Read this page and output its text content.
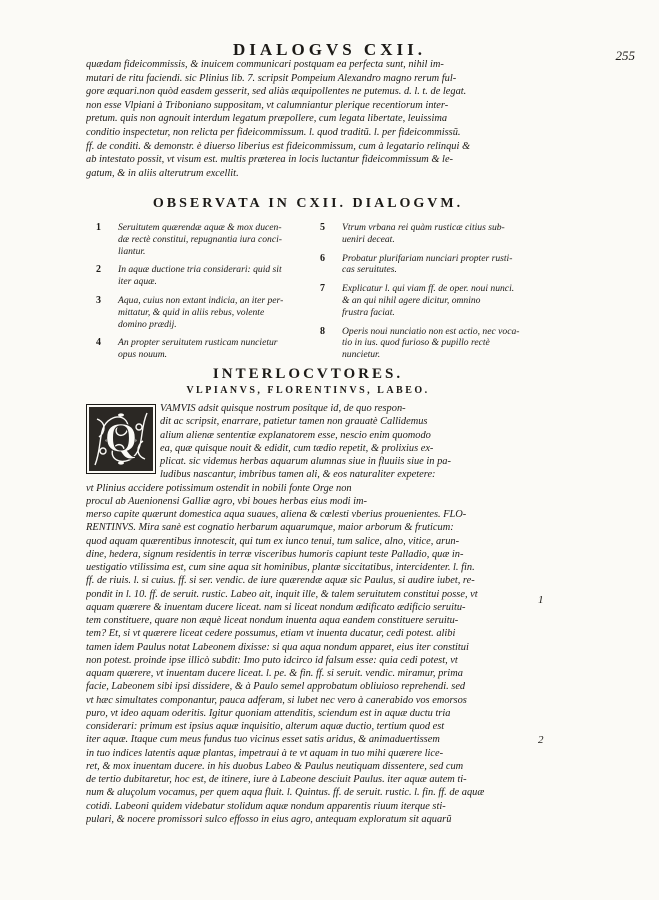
DIALOGVS CXII.	255
quædam fideicommissis, & inuicem communicari postquam ea perfecta sunt, nihil im-
mutari de ritu faciendi. sic Plinius lib. 7. scripsit Pompeium Alexandro magno rerum ful-
gore æquari.non quòd easdem gesserit, sed aliàs æquipollentes ne putemus. d. l. t. de legat.
non esse Vlpiani à Triboniano suppositam, vt calumniantur plerique recentiorum inter-
pretum. quis non agnouit interdum legatum præpollere, cum legata libertate, leuissima
conditio inspectetur, non relicta per fideicommissum. l. quod traditũ. l. per fideicommissũ.
ff. de conditi. & demonstr. è diuerso liberius est fideicommissum, cum à legatario relinqui &
ab intestato possit, vt visum est. multis præterea in locis luctantur fideicommissum & le-
gatum, & in aliis alterutrum excellit.
OBSERVATA IN CXII. DIALOGVM.
1 Seruitutem quærendæ aquæ & mox ducen-
dæ rectè constitui, repugnantia iura conci-
liantur.
2 In aquæ ductione tria considerari: quid sit
iter aquæ.
3 Aqua, cuius non extant indicia, an iter per-
mittatur, & quid in aliis rebus, volente
domino prædij.
4 An propter seruitutem rusticam nuncietur
opus nouum.
5 Vtrum vrbana rei quàm rusticæ citius sub-
ueniri deceat.
6 Probatur plurifariam nunciari propter rusti-
cas seruitutes.
7 Explicatur l. qui viam ff. de oper. noui nunci.
& an qui nihil agere dicitur, omnino
frustra faciat.
8 Operis noui nunciatio non est actio, nec voca-
tio in ius. quod furioso & pupillo rectè
nuncietur.
INTERLOCVTORES.
VLPIANVS, FLORENTINVS, LABEO.
VAMVIS adsit quisque nostrum posítque id, de quo respon-
dit ac scripsit, enarrare, patietur tamen non grauatè Callidemus
alium alienæ sententiæ explanatorem esse, nescio enim quomodo
ea, quæ quisque nouit & edidit, cum tædio repetit, & prolixius ex-
plicat. sic videmus herbas aquarum alumnas siue in fluuiis siue in pa-
ludibus nascantur, imbribus tamen ali, & eos naturaliter expetere:
vt Plinius accidere potissimum ostendit in nobili fonte Orge non
procul ab Auenionensi Galliæ agro, vbi boues herbas eius modi im-
merso capite quærunt domestica aqua suaues, aliena & cœlesti vberius prouenientes. FLO-
RENTINVS. Mira sanè est cognatio herbarum aquarumque, maior arborum & fruticum:
quod aquam quærentibus innotescit, qui tum ex iunco tenui, tum salice, alno, vitice, arun-
dine, hedera, signum residentis in terræ visceribus humoris capiunt teste Palladio, quæ in-
uestigatio vtilissima est, cum sine aqua sit hominibus, plantæ siccitatibus, intercidenter. l. fin.
ff. de riuis. l. si cuius. ff. si ser. vendic. de iure quærendæ aquæ sic Paulus, si audire iubet, re-
pondit in l. 10. ff. de seruit. rustic. Labeo ait, inquit ille, & talem seruitutem constitui posse, vt
aquam quærere & inuentam ducere liceat. nam si liceat nondum ædificato ædificio seruitu-
tem constituere, quare non æquè liceat nondum inuenta aqua eandem constituere seruitu-
tem? Et, si vt quærere liceat cedere possumus, etiam vt inuenta ducatur, cedi potest. alibi
tamen idem Paulus notat Labeonem dixisse: si qua aqua nondum apparet, eius iter constitui
non potest. proinde ipse illicò subdit: Imo puto idcirco id falsum esse: quia cedi potest, vt
aquam quærere, vt inuentam ducere liceat. l. pe. & fin. ff. si seruit. vendic. miramur, prima
facie, Labeonem sibi ipsi dissidere, & à Paulo semel approbatum obliuioso reprehendi. sed
vt hæc simultates componantur, pauca adferam, si lubet nec vero à canerabido vos emorsos
puro, vt ideo aquam oderitis. Igitur quoniam attenditis, sciendum est in aquæ ductu tria
considerari: primum est ipsius aquæ inquisitio, alterum aquæ ductio, tertium quod est
iter aquæ. Itaque cum meus fundus tuo vicinus esset satis aridus, & animaduertissem
in tuo indices latentis aquæ plantas, impetraui à te vt aquam in tuo mihi quærere lice-
ret, & mox inuentam ducere. in his duobus Labeo & Paulus neutiquam dissentere, sed cum
de tertio dubitaretur, hoc est, de itinere, iure à Labeone desciuit Paulus. iter aquæ autem ti-
num & aluçolum vocamus, per quem aqua fluit. l. Quintus. ff. de seruit. rustic. l. fin. ff. de aquæ
cotidi. Labeoni quidem videbatur stolidum aquæ nondum apparentis riuum iterque sti-
pulari, & nocere promissori sulco effosso in eius agro, antequam exploratum sit aquarũ
Q
1
2
